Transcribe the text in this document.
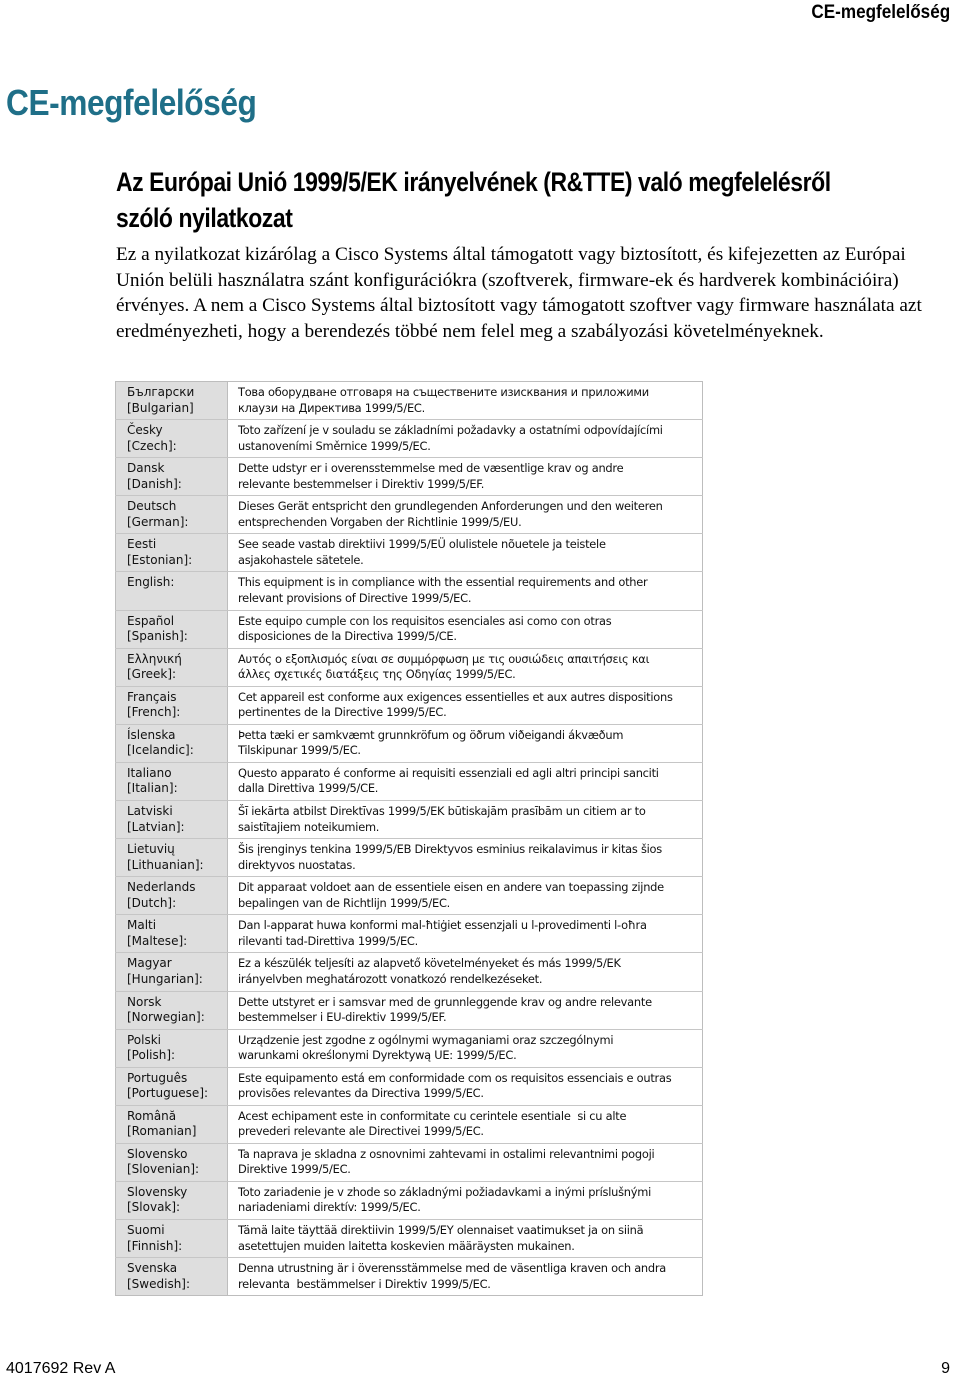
CE-megfelelőség
CE-megfelelőség
Az Európai Unió 1999/5/EK irányelvének (R&TTE) való megfelelésről
szóló nyilatkozat

Ez a nyilatkozat kizárólag a Cisco Systems által támogatott vagy biztosított, és kifejezetten az Európai Unión belüli használatra szánt konfigurációkra (szoftverek, firmware-ek és hardverek kombinációira) érvényes. A nem a Cisco Systems által biztosított vagy támogatott szoftver vagy firmware használata azt eredményezheti, hogy a berendezés többé nem felel meg a szabályozási követelményeknek.

Български
[Bulgarian]	Това оборудване отговаря на съществените изисквания и приложими
клаузи на Директива 1999/5/EC.

Česky
[Czech]:	Toto zařízení je v souladu se základními požadavky a ostatními odpovídajícími
ustanoveními Směrnice 1999/5/EC.

Dansk
[Danish]:	Dette udstyr er i overensstemmelse med de væsentlige krav og andre
relevante bestemmelser i Direktiv 1999/5/EF.

Deutsch
[German]:	Dieses Gerät entspricht den grundlegenden Anforderungen und den weiteren
entsprechenden Vorgaben der Richtlinie 1999/5/EU.

Eesti
[Estonian]:	See seade vastab direktiivi 1999/5/EÜ olulistele nõuetele ja teistele
asjakohastele sätetele.

English:	This equipment is in compliance with the essential requirements and other
relevant provisions of Directive 1999/5/EC.

Español
[Spanish]:	Este equipo cumple con los requisitos esenciales asi como con otras
disposiciones de la Directiva 1999/5/CE.

Ελληνική
[Greek]:	Αυτός ο εξοπλισμός είναι σε συμμόρφωση με τις ουσιώδεις απαιτήσεις και
άλλες σχετικές διατάξεις της Οδηγίας 1999/5/EC.

Français
[French]:	Cet appareil est conforme aux exigences essentielles et aux autres dispositions
pertinentes de la Directive 1999/5/EC.

Íslenska
[Icelandic]:	Þetta tæki er samkvæmt grunnkröfum og öðrum viðeigandi ákvæðum
Tilskipunar 1999/5/EC.

Italiano
[Italian]:	Questo apparato é conforme ai requisiti essenziali ed agli altri principi sanciti
dalla Direttiva 1999/5/CE.

Latviski
[Latvian]:	Šī iekārta atbilst Direktīvas 1999/5/EK būtiskajām prasībām un citiem ar to
saistītajiem noteikumiem.

Lietuvių
[Lithuanian]:	Šis įrenginys tenkina 1999/5/EB Direktyvos esminius reikalavimus ir kitas šios
direktyvos nuostatas.

Nederlands
[Dutch]:	Dit apparaat voldoet aan de essentiele eisen en andere van toepassing zijnde
bepalingen van de Richtlijn 1999/5/EC.

Malti
[Maltese]:	Dan l-apparat huwa konformi mal-ħtiġiet essenzjali u l-provedimenti l-oħra
rilevanti tad-Direttiva 1999/5/EC.

Magyar
[Hungarian]:	Ez a készülék teljesíti az alapvető követelményeket és más 1999/5/EK
irányelvben meghatározott vonatkozó rendelkezéseket.

Norsk
[Norwegian]:	Dette utstyret er i samsvar med de grunnleggende krav og andre relevante
bestemmelser i EU-direktiv 1999/5/EF.

Polski
[Polish]:	Urządzenie jest zgodne z ogólnymi wymaganiami oraz szczególnymi
warunkami określonymi Dyrektywą UE: 1999/5/EC.

Português
[Portuguese]:	Este equipamento está em conformidade com os requisitos essenciais e outras
provisões relevantes da Directiva 1999/5/EC.

Română
[Romanian]	Acest echipament este in conformitate cu cerintele esentiale  si cu alte
prevederi relevante ale Directivei 1999/5/EC.

Slovensko
[Slovenian]:	Ta naprava je skladna z osnovnimi zahtevami in ostalimi relevantnimi pogoji
Direktive 1999/5/EC.

Slovensky
[Slovak]:	Toto zariadenie je v zhode so základnými požiadavkami a inými príslušnými
nariadeniami direktív: 1999/5/EC.

Suomi
[Finnish]:	Tämä laite täyttää direktiivin 1999/5/EY olennaiset vaatimukset ja on siinä
asetettujen muiden laitetta koskevien määräysten mukainen.

Svenska
[Swedish]:	Denna utrustning är i överensstämmelse med de väsentliga kraven och andra
relevanta  bestämmelser i Direktiv 1999/5/EC.
4017692 Rev A	9
